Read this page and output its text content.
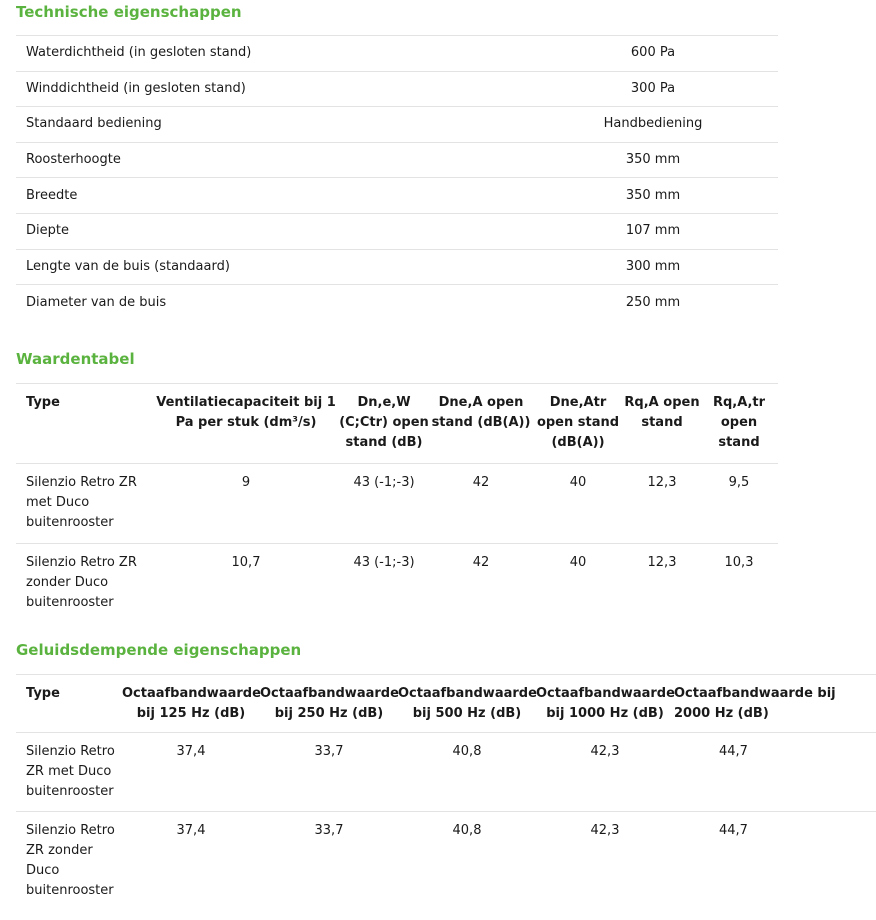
Technische eigenschappen
Waterdichtheid (in gesloten stand)	600 Pa
Winddichtheid (in gesloten stand)	300 Pa
Standaard bediening	Handbediening
Roosterhoogte	350 mm
Breedte	350 mm
Diepte	107 mm
Lengte van de buis (standaard)	300 mm
Diameter van de buis	250 mm
Waardentabel
Type	Ventilatiecapaciteit bij 1 Pa per stuk (dm³/s)	Dn,e,W (C;Ctr) open stand (dB)	Dne,A open stand (dB(A))	Dne,Atr open stand (dB(A))	Rq,A open stand	Rq,A,tr open stand
Silenzio Retro ZR met Duco buitenrooster	9	43 (-1;-3)	42	40	12,3	9,5
Silenzio Retro ZR zonder Duco buitenrooster	10,7	43 (-1;-3)	42	40	12,3	10,3
Geluidsdempende eigenschappen
Type	Octaafbandwaarde bij 125 Hz (dB)	Octaafbandwaarde bij 250 Hz (dB)	Octaafbandwaarde bij 500 Hz (dB)	Octaafbandwaarde bij 1000 Hz (dB)	Octaafbandwaarde bij 2000 Hz (dB)
Silenzio Retro ZR met Duco buitenrooster	37,4	33,7	40,8	42,3	44,7
Silenzio Retro ZR zonder Duco buitenrooster	37,4	33,7	40,8	42,3	44,7
